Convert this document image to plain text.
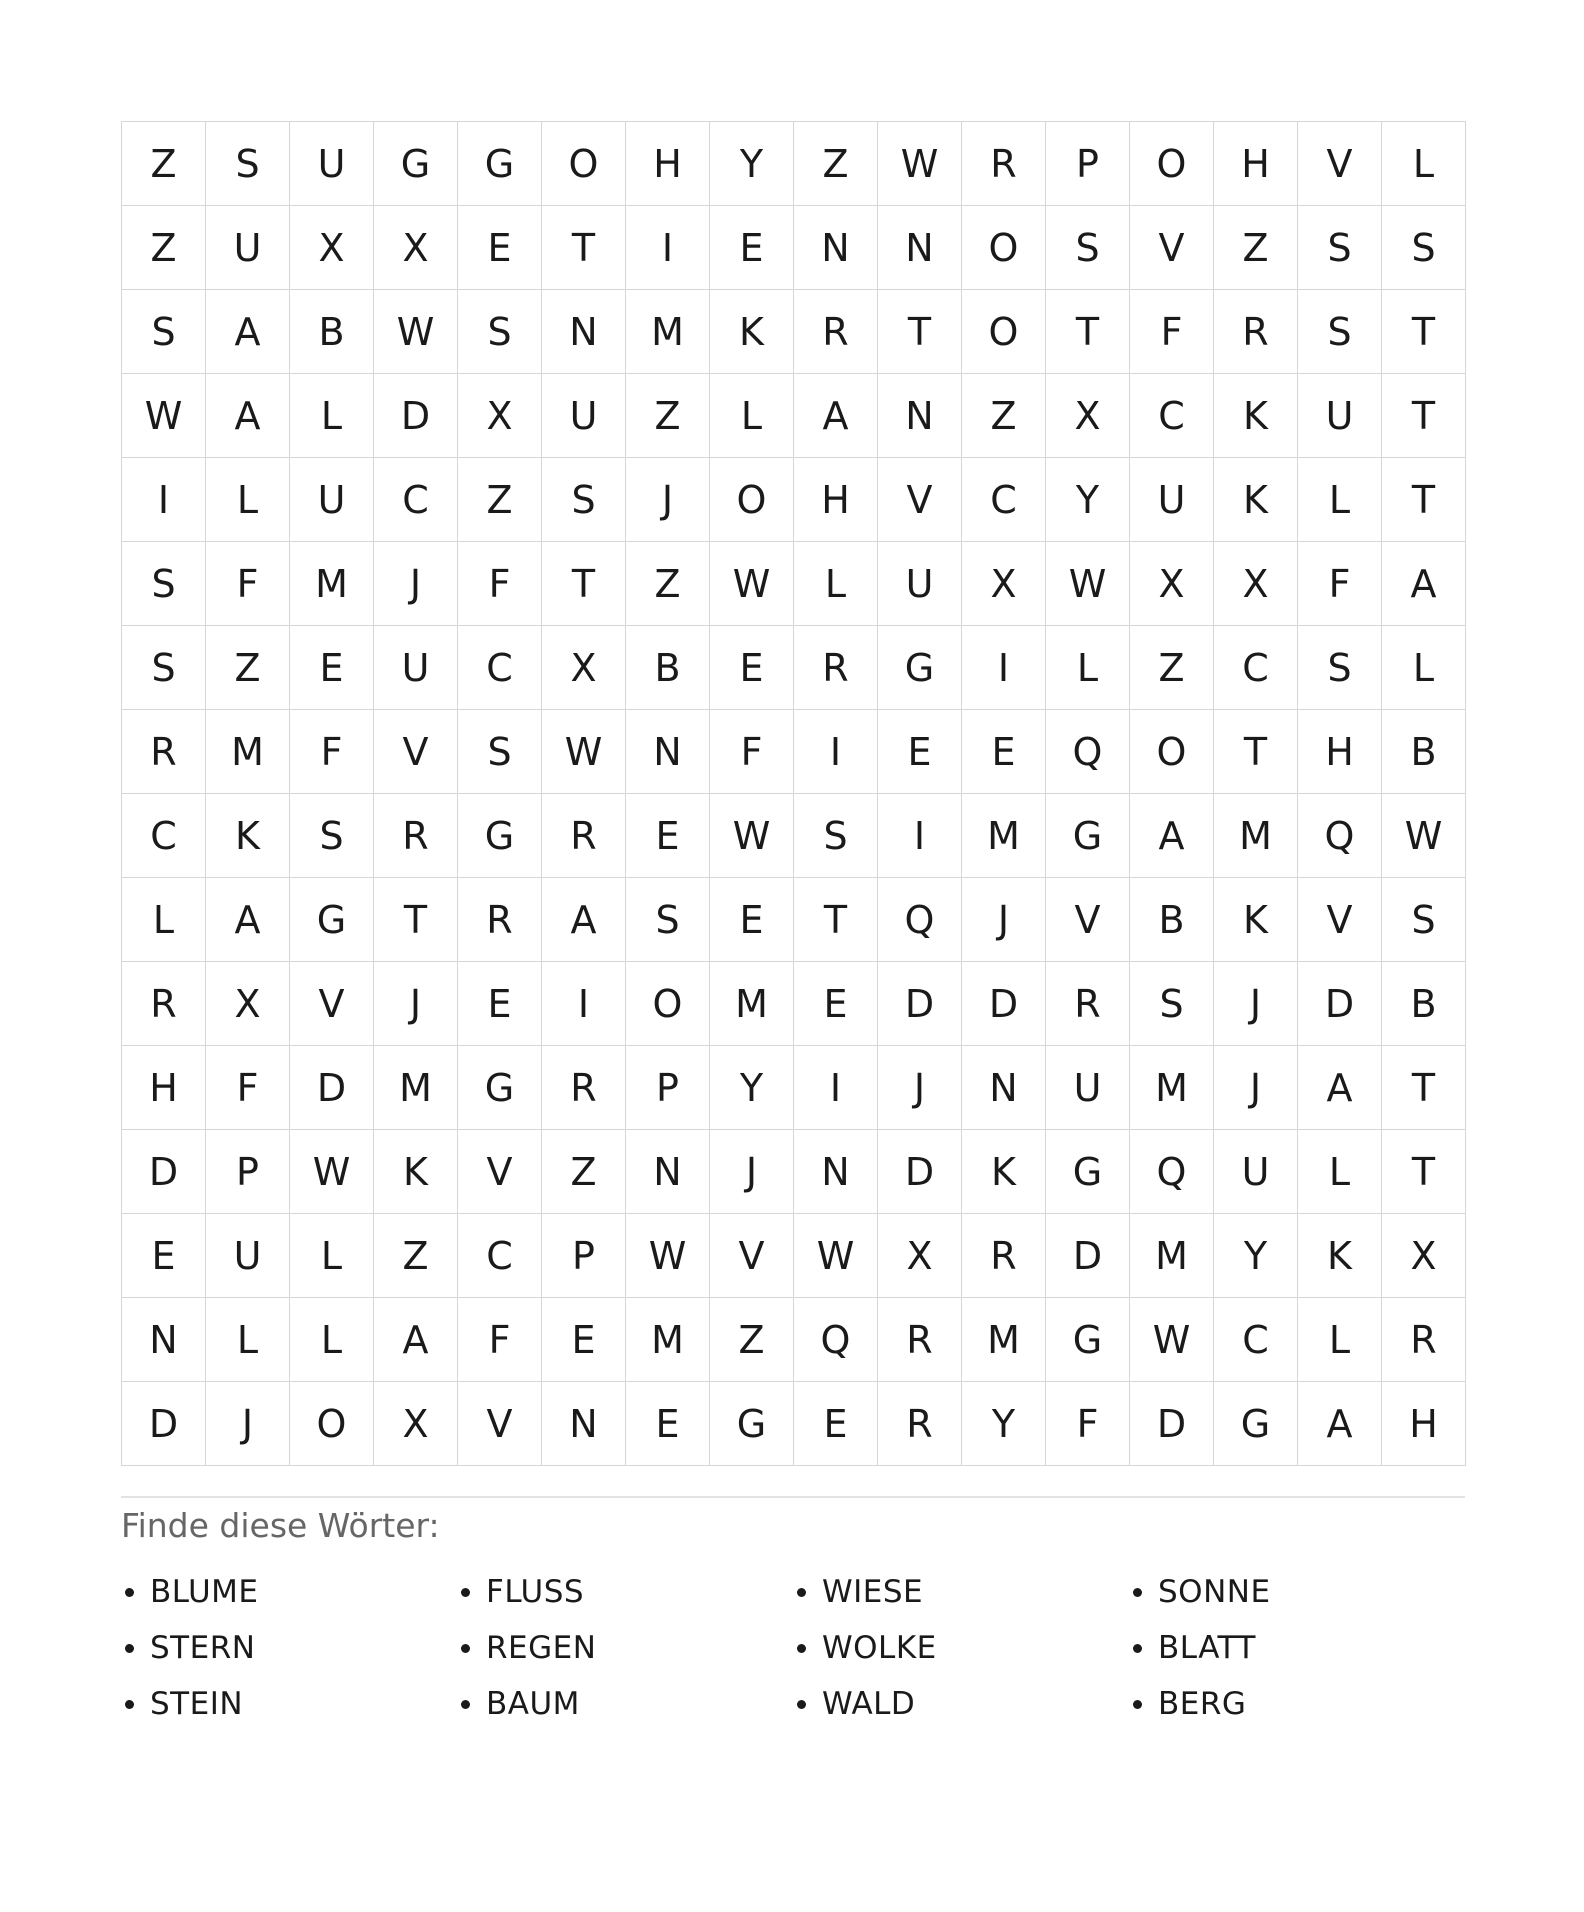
Z	S	U	G	G	O	H	Y	Z	W	R	P	O	H	V	L
Z	U	X	X	E	T	I	E	N	N	O	S	V	Z	S	S
S	A	B	W	S	N	M	K	R	T	O	T	F	R	S	T
W	A	L	D	X	U	Z	L	A	N	Z	X	C	K	U	T
I	L	U	C	Z	S	J	O	H	V	C	Y	U	K	L	T
S	F	M	J	F	T	Z	W	L	U	X	W	X	X	F	A
S	Z	E	U	C	X	B	E	R	G	I	L	Z	C	S	L
R	M	F	V	S	W	N	F	I	E	E	Q	O	T	H	B
C	K	S	R	G	R	E	W	S	I	M	G	A	M	Q	W
L	A	G	T	R	A	S	E	T	Q	J	V	B	K	V	S
R	X	V	J	E	I	O	M	E	D	D	R	S	J	D	B
H	F	D	M	G	R	P	Y	I	J	N	U	M	J	A	T
D	P	W	K	V	Z	N	J	N	D	K	G	Q	U	L	T
E	U	L	Z	C	P	W	V	W	X	R	D	M	Y	K	X
N	L	L	A	F	E	M	Z	Q	R	M	G	W	C	L	R
D	J	O	X	V	N	E	G	E	R	Y	F	D	G	A	H
Finde diese Wörter:
BLUME	FLUSS	WIESE	SONNE
STERN	REGEN	WOLKE	BLATT
STEIN	BAUM	WALD	BERG
